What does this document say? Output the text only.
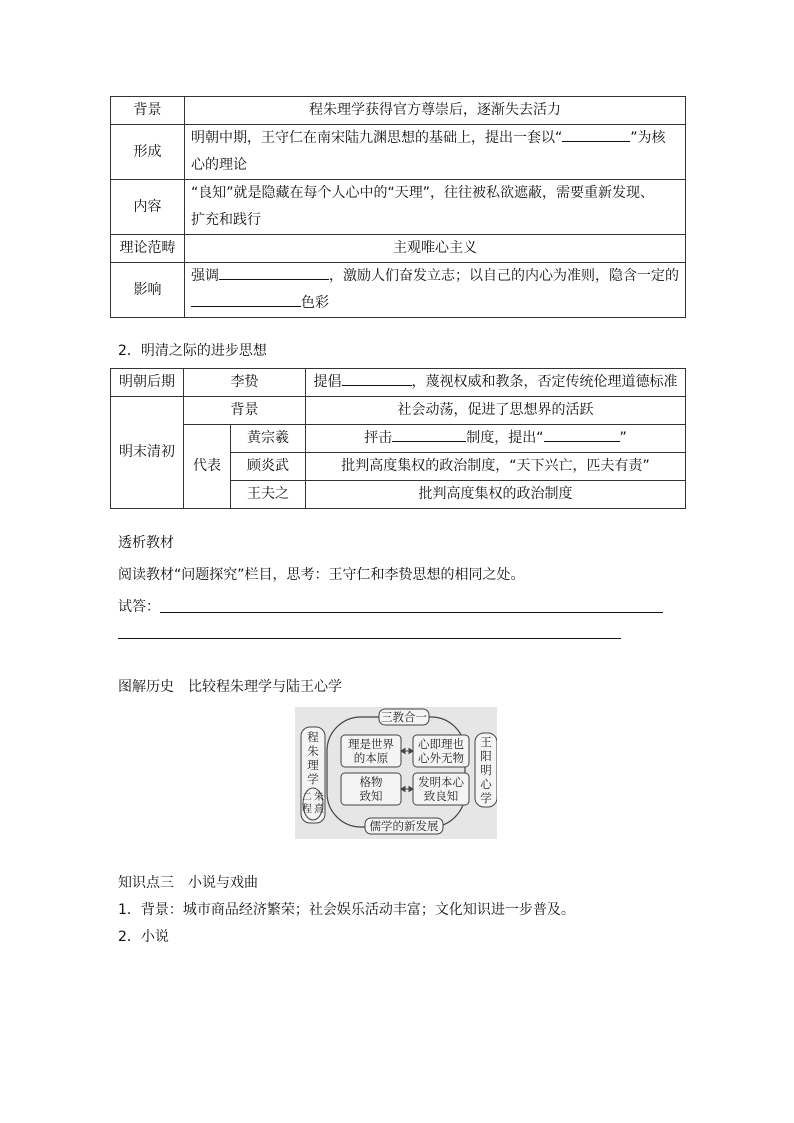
背景	程朱理学获得官方尊崇后，逐渐失去活力
形成	明朝中期，王守仁在南宋陆九渊思想的基础上，提出一套以“ ”为核
心的理论
内容	“良知”就是隐藏在每个人心中的“天理”，往往被私欲遮蔽，需要重新发现、
扩充和践行
理论范畴	主观唯心主义
影响	强调 ，激励人们奋发立志；以自己的内心为准则，隐含一定的
色彩
2．明清之际的进步思想
明朝后期	李贽		提倡 ，蔑视权威和教条，否定传统伦理道德标准
明末清初	背景		社会动荡，促进了思想界的活跃
	代表	黄宗羲	抨击 制度，提出“ ”
		顾炎武	批判高度集权的政治制度，“天下兴亡，匹夫有责”
		王夫之	批判高度集权的政治制度
透析教材
阅读教材“问题探究”栏目，思考：王守仁和李贽思想的相同之处。
试答：
图解历史　比较程朱理学与陆王心学
三教合一
儒学的新发展
程
朱
理
学
二
程
朱
熹
王
阳
明
心
学
理是世界
的本原
心即理也
心外无物
格物
致知
发明本心
致良知
知识点三　小说与戏曲
1．背景：城市商品经济繁荣；社会娱乐活动丰富；文化知识进一步普及。
2．小说
